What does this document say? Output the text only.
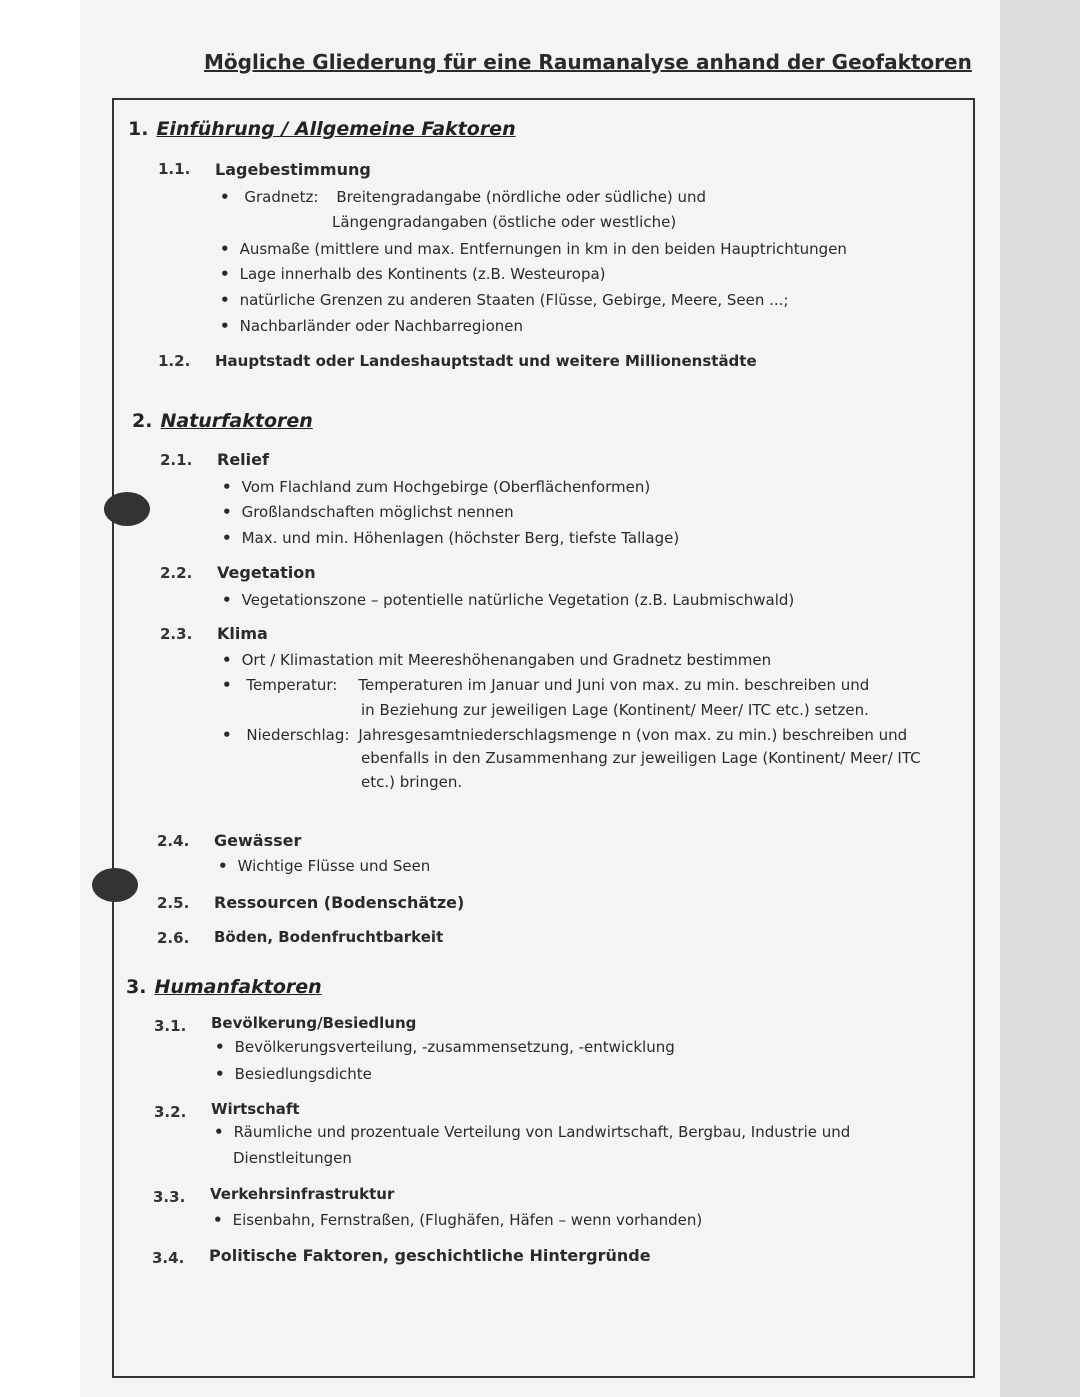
Mögliche Gliederung für eine Raumanalyse anhand der Geofaktoren
1. Einführung / Allgemeine Faktoren
1.1. Lagebestimmung
• Gradnetz: Breitengradangabe (nördliche oder südliche) und
Längengradangaben (östliche oder westliche)
• Ausmaße (mittlere und max. Entfernungen in km in den beiden Hauptrichtungen
• Lage innerhalb des Kontinents (z.B. Westeuropa)
• natürliche Grenzen zu anderen Staaten (Flüsse, Gebirge, Meere, Seen ...;
• Nachbarländer oder Nachbarregionen
1.2. Hauptstadt oder Landeshauptstadt und weitere Millionenstädte
2. Naturfaktoren
2.1. Relief
• Vom Flachland zum Hochgebirge (Oberflächenformen)
• Großlandschaften möglichst nennen
• Max. und min. Höhenlagen (höchster Berg, tiefste Tallage)
2.2. Vegetation
• Vegetationszone – potentielle natürliche Vegetation (z.B. Laubmischwald)
2.3. Klima
• Ort / Klimastation mit Meereshöhenangaben und Gradnetz bestimmen
• Temperatur: Temperaturen im Januar und Juni von max. zu min. beschreiben und
in Beziehung zur jeweiligen Lage (Kontinent/ Meer/ ITC etc.) setzen.
• Niederschlag: Jahresgesamtniederschlagsmenge n (von max. zu min.) beschreiben und
ebenfalls in den Zusammenhang zur jeweiligen Lage (Kontinent/ Meer/ ITC
etc.) bringen.
2.4. Gewässer
• Wichtige Flüsse und Seen
2.5. Ressourcen (Bodenschätze)
2.6. Böden, Bodenfruchtbarkeit
3. Humanfaktoren
3.1. Bevölkerung/Besiedlung
• Bevölkerungsverteilung, -zusammensetzung, -entwicklung
• Besiedlungsdichte
3.2. Wirtschaft
• Räumliche und prozentuale Verteilung von Landwirtschaft, Bergbau, Industrie und
Dienstleitungen
3.3. Verkehrsinfrastruktur
• Eisenbahn, Fernstraßen, (Flughäfen, Häfen – wenn vorhanden)
3.4. Politische Faktoren, geschichtliche Hintergründe
